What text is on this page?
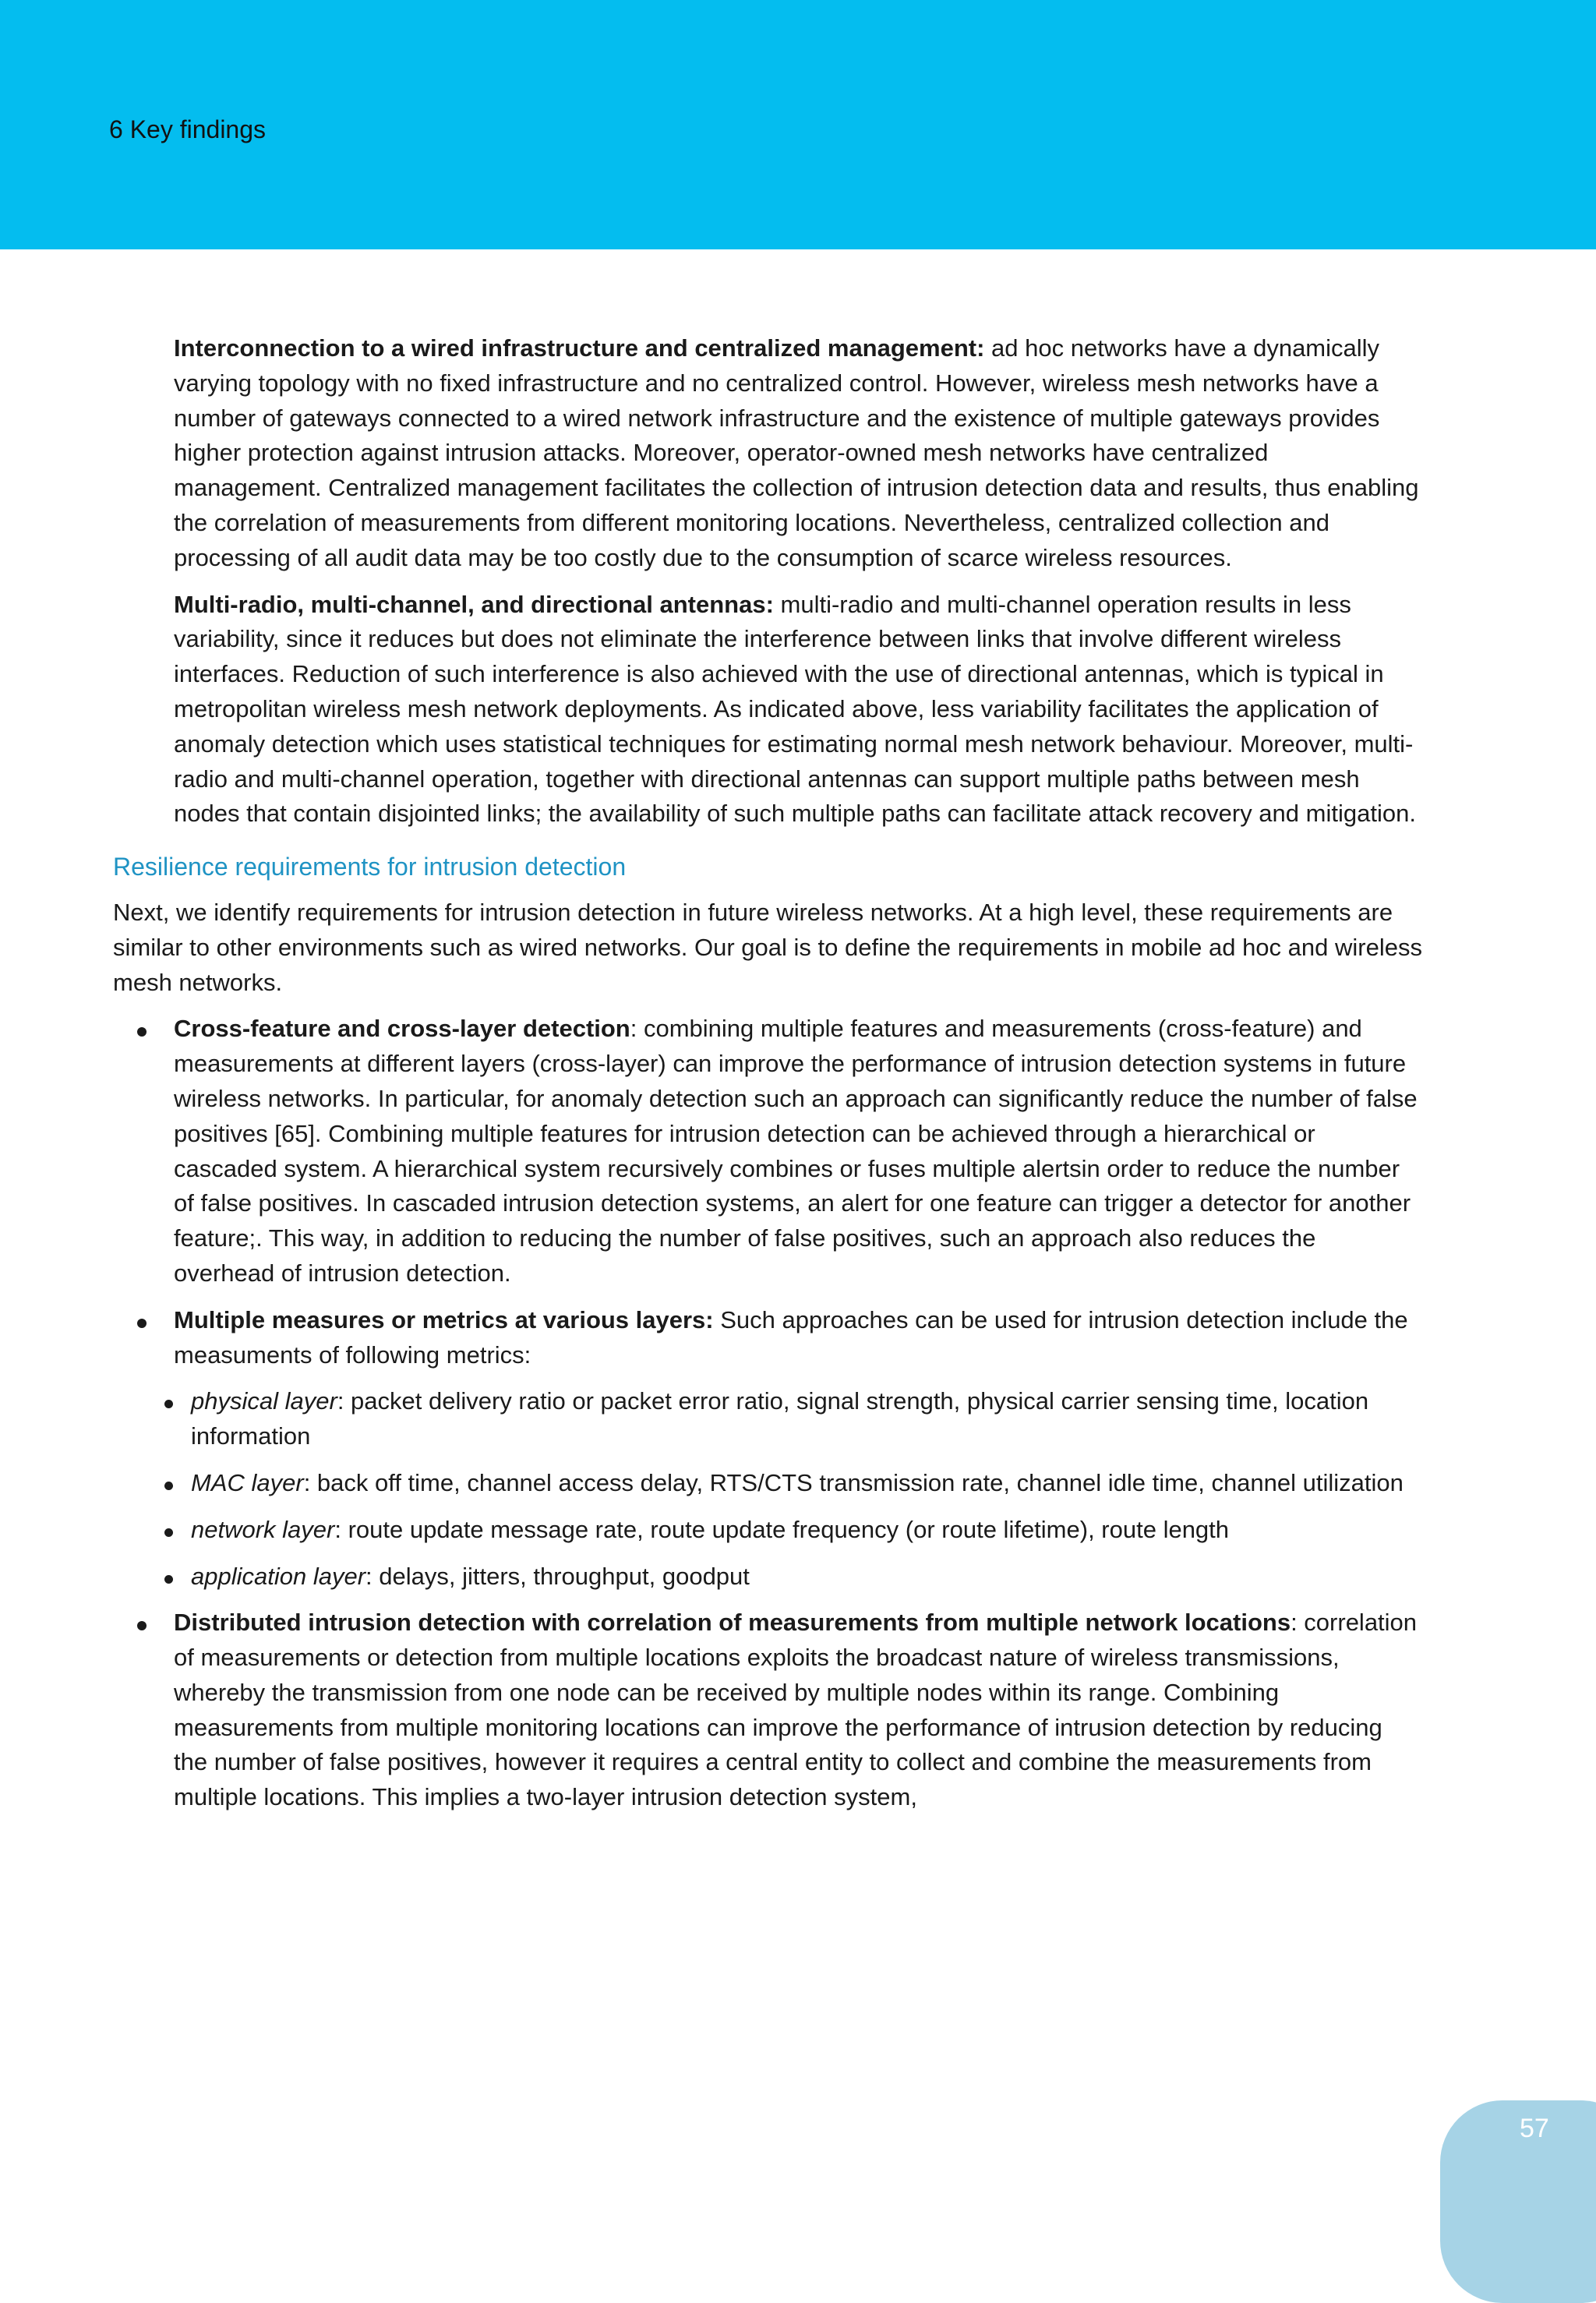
6 Key findings

Interconnection to a wired infrastructure and centralized management: ad hoc networks have a dynamically varying topology with no fixed infrastructure and no centralized control. However, wireless mesh networks have a number of gateways connected to a wired network infrastructure and the existence of multiple gateways provides higher protection against intrusion attacks. Moreover, operator-owned mesh networks have centralized management. Centralized management facilitates the collection of intrusion detection data and results, thus enabling the correlation of measurements from different monitoring locations. Nevertheless, centralized collection and processing of all audit data may be too costly due to the consumption of scarce wireless resources.

Multi-radio, multi-channel, and directional antennas: multi-radio and multi-channel operation results in less variability, since it reduces but does not eliminate the interference between links that involve different wireless interfaces. Reduction of such interference is also achieved with the use of directional antennas, which is typical in metropolitan wireless mesh network deployments. As indicated above, less variability facilitates the application of anomaly detection which uses statistical techniques for estimating normal mesh network behaviour. Moreover, multi-radio and multi-channel operation, together with directional antennas can support multiple paths between mesh nodes that contain disjointed links; the availability of such multiple paths can facilitate attack recovery and mitigation.

Resilience requirements for intrusion detection

Next, we identify requirements for intrusion detection in future wireless networks. At a high level, these requirements are similar to other environments such as wired networks. Our goal is to define the requirements in mobile ad hoc and wireless mesh networks.

Cross-feature and cross-layer detection: combining multiple features and measurements (cross-feature) and measurements at different layers (cross-layer) can improve the performance of intrusion detection systems in future wireless networks. In particular, for anomaly detection such an approach can significantly reduce the number of false positives [65]. Combining multiple features for intrusion detection can be achieved through a hierarchical or cascaded system. A hierarchical system recursively combines or fuses multiple alertsin order to reduce the number of false positives. In cascaded intrusion detection systems, an alert for one feature can trigger a detector for another feature;. This way, in addition to reducing the number of false positives, such an approach also reduces the overhead of intrusion detection.
Multiple measures or metrics at various layers: Such approaches can be used for intrusion detection include the measuments of following metrics:
physical layer: packet delivery ratio or packet error ratio, signal strength, physical carrier sensing time, location information
MAC layer: back off time, channel access delay, RTS/CTS transmission rate, channel idle time, channel utilization
network layer: route update message rate, route update frequency (or route lifetime), route length
application layer: delays, jitters, throughput, goodput
Distributed intrusion detection with correlation of measurements from multiple network locations: correlation of measurements or detection from multiple locations exploits the broadcast nature of wireless transmissions, whereby the transmission from one node can be received by multiple nodes within its range. Combining measurements from multiple monitoring locations can improve the performance of intrusion detection by reducing the number of false positives, however it requires a central entity to collect and combine the measurements from multiple locations. This implies a two-layer intrusion detection system,
57
